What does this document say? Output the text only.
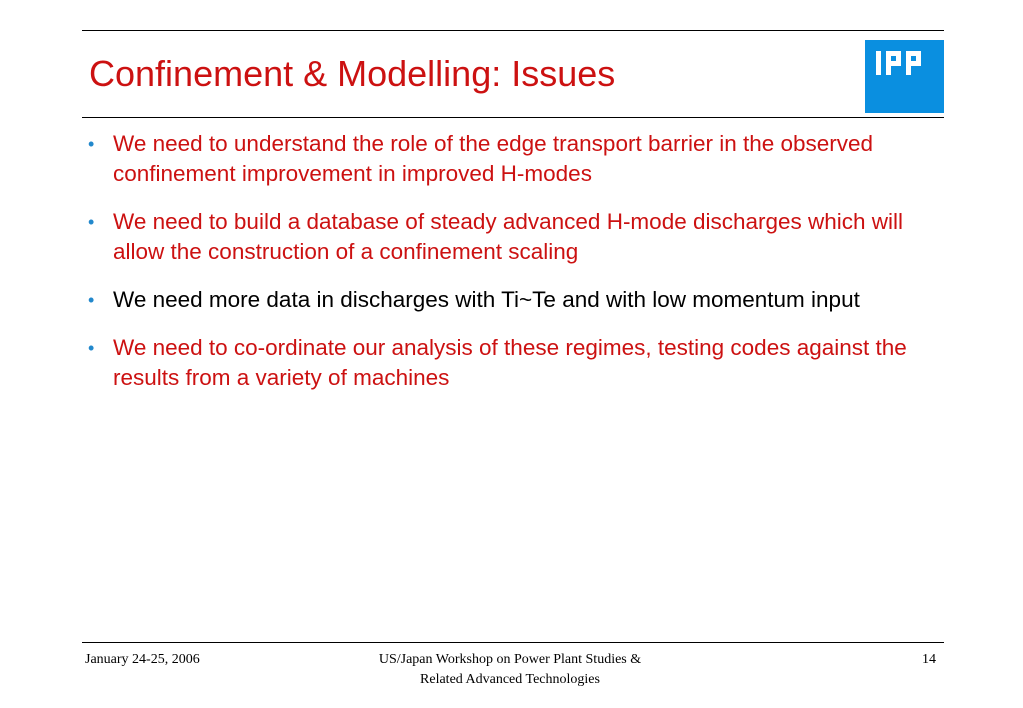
Confinement & Modelling: Issues
• We need to understand the role of the edge transport barrier in the observed confinement improvement in improved H-modes
• We need to build a database of steady advanced H-mode discharges which will allow the construction of a confinement scaling
• We need more data in discharges with Ti~Te and with low momentum input
• We need to co-ordinate our analysis of these regimes, testing codes against the results from a variety of machines
January 24-25, 2006	US/Japan Workshop on Power Plant Studies &
Related Advanced Technologies
14
